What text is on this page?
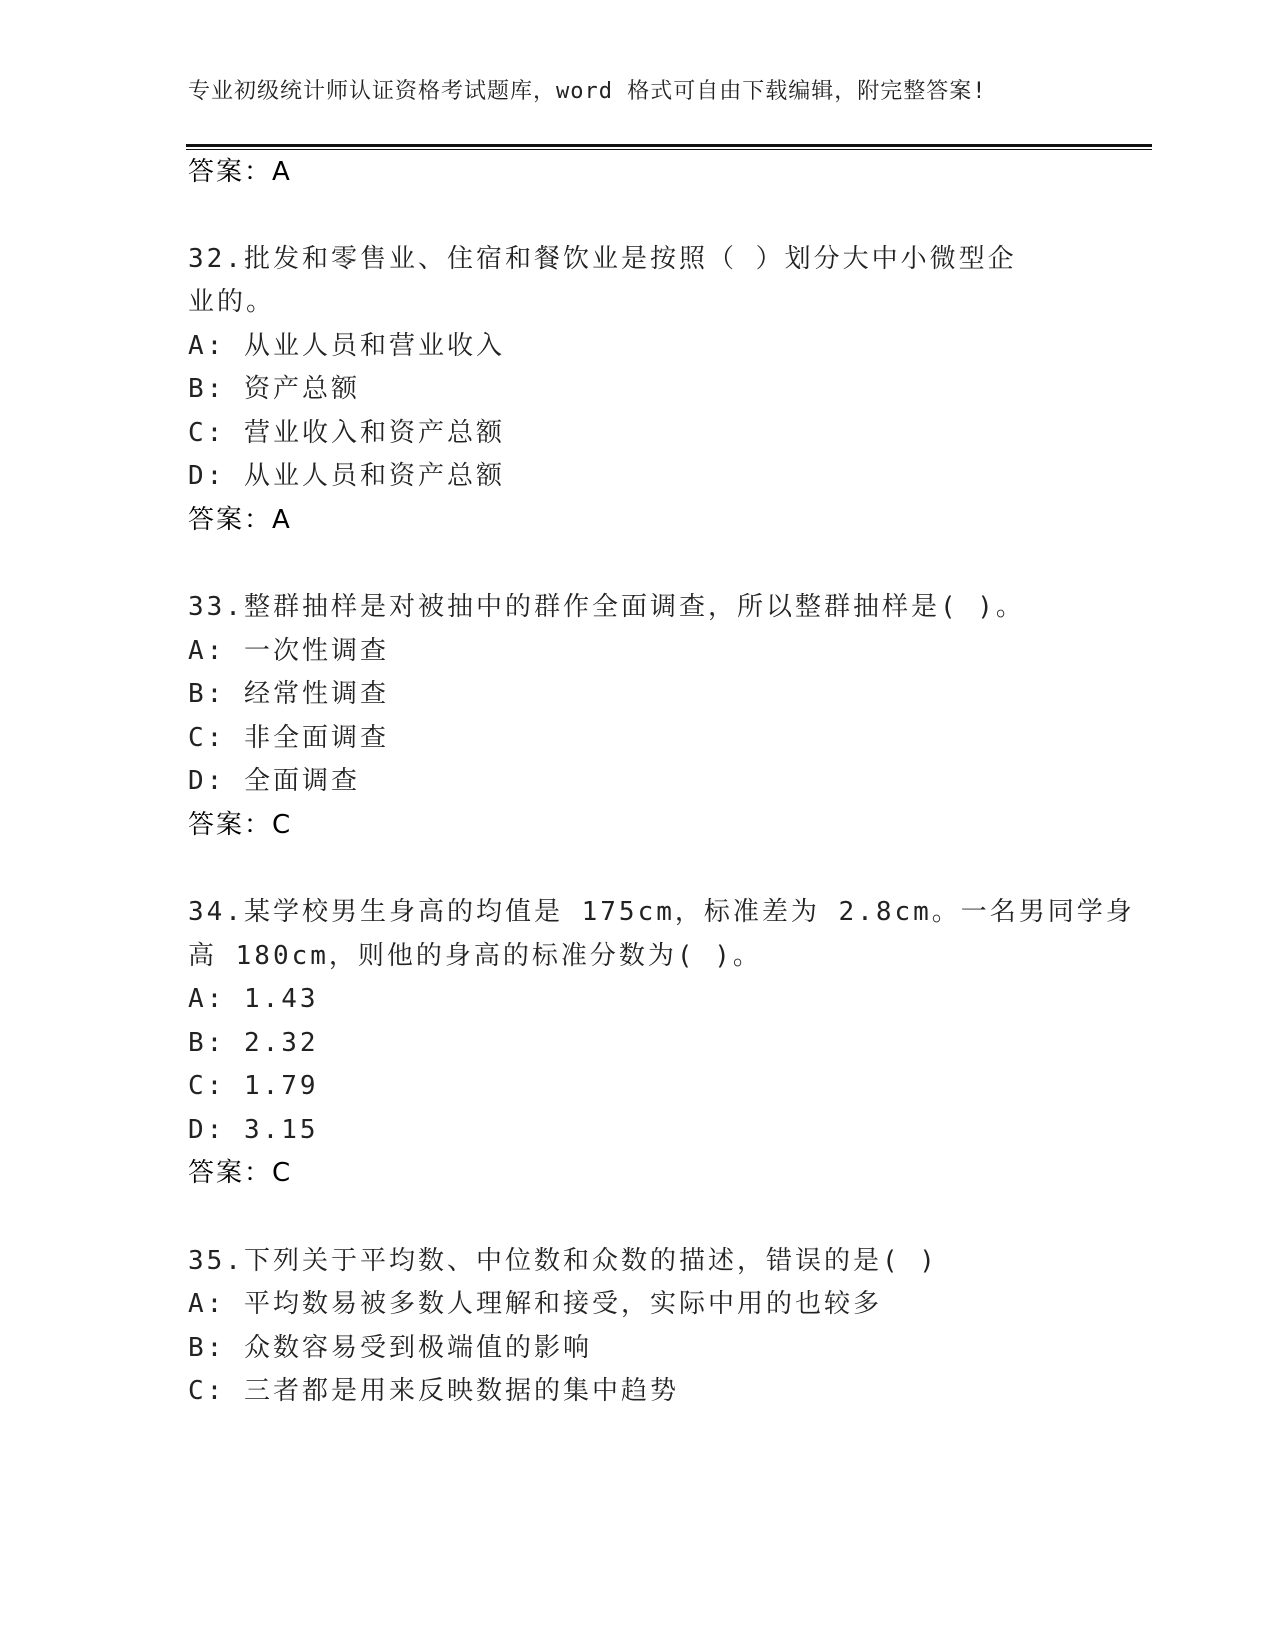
专业初级统计师认证资格考试题库，word 格式可自由下载编辑，附完整答案!
答案：A
32.批发和零售业、住宿和餐饮业是按照（ ）划分大中小微型企
业的。
A: 从业人员和营业收入
B: 资产总额
C: 营业收入和资产总额
D: 从业人员和资产总额
答案：A
33.整群抽样是对被抽中的群作全面调查，所以整群抽样是( )。
A: 一次性调查
B: 经常性调查
C: 非全面调查
D: 全面调查
答案：C
34.某学校男生身高的均值是 175cm，标准差为 2.8cm。一名男同学身
高 180cm，则他的身高的标准分数为( )。
A: 1.43
B: 2.32
C: 1.79
D: 3.15
答案：C
35.下列关于平均数、中位数和众数的描述，错误的是( )
A: 平均数易被多数人理解和接受，实际中用的也较多
B: 众数容易受到极端值的影响
C: 三者都是用来反映数据的集中趋势
